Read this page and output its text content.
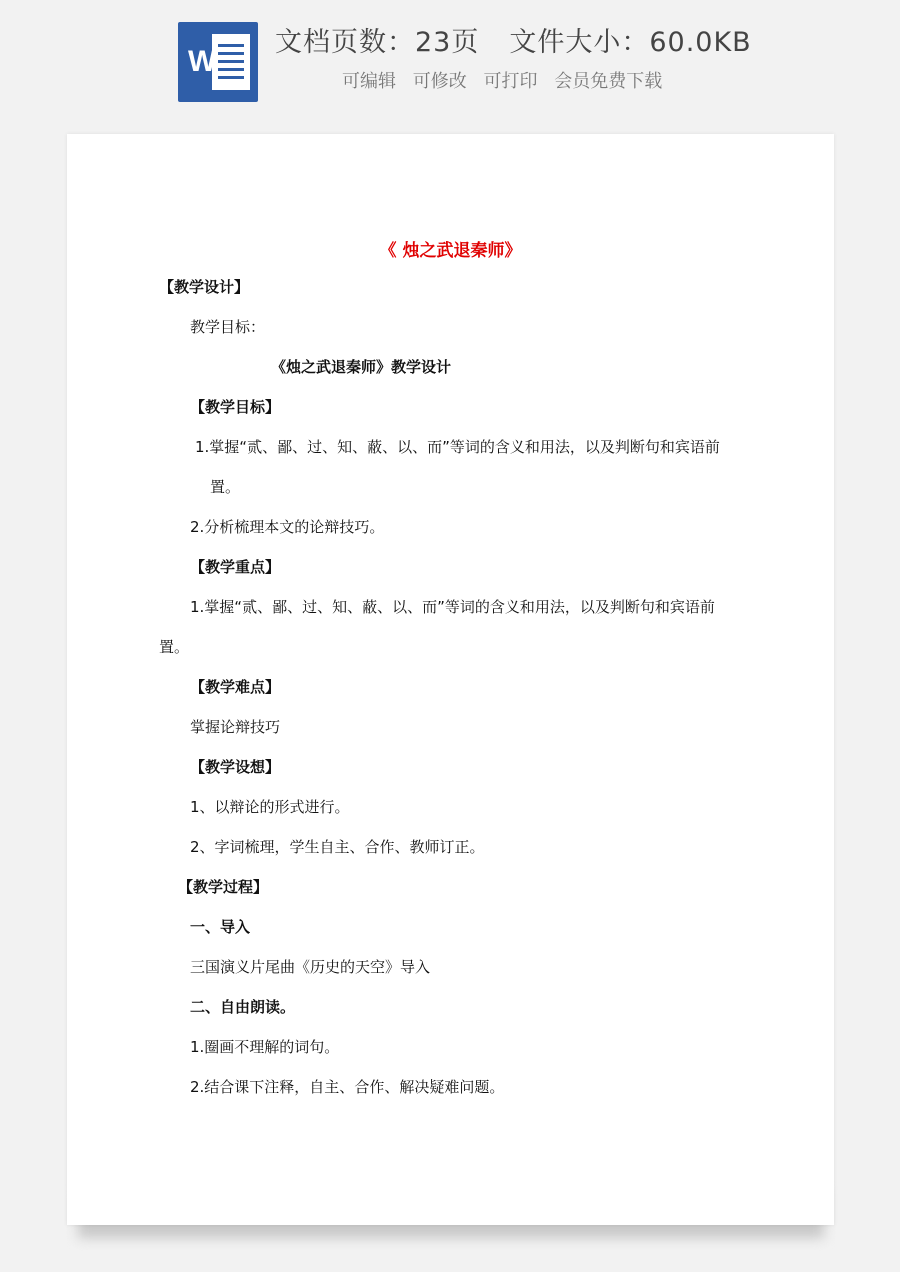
W
文档页数：23页 文件大小：60.0KB
可编辑 可修改 可打印 会员免费下载
《 烛之武退秦师》
【教学设计】
教学目标：
《烛之武退秦师》教学设计
【教学目标】
1.掌握“贰、鄙、过、知、蔽、以、而”等词的含义和用法，以及判断句和宾语前
置。
2.分析梳理本文的论辩技巧。
【教学重点】
1.掌握“贰、鄙、过、知、蔽、以、而”等词的含义和用法，以及判断句和宾语前
置。
【教学难点】
掌握论辩技巧
【教学设想】
1、以辩论的形式进行。
2、字词梳理，学生自主、合作、教师订正。
【教学过程】
一、导入
三国演义片尾曲《历史的天空》导入
二、自由朗读。
1.圈画不理解的词句。
2.结合课下注释，自主、合作、解决疑难问题。
